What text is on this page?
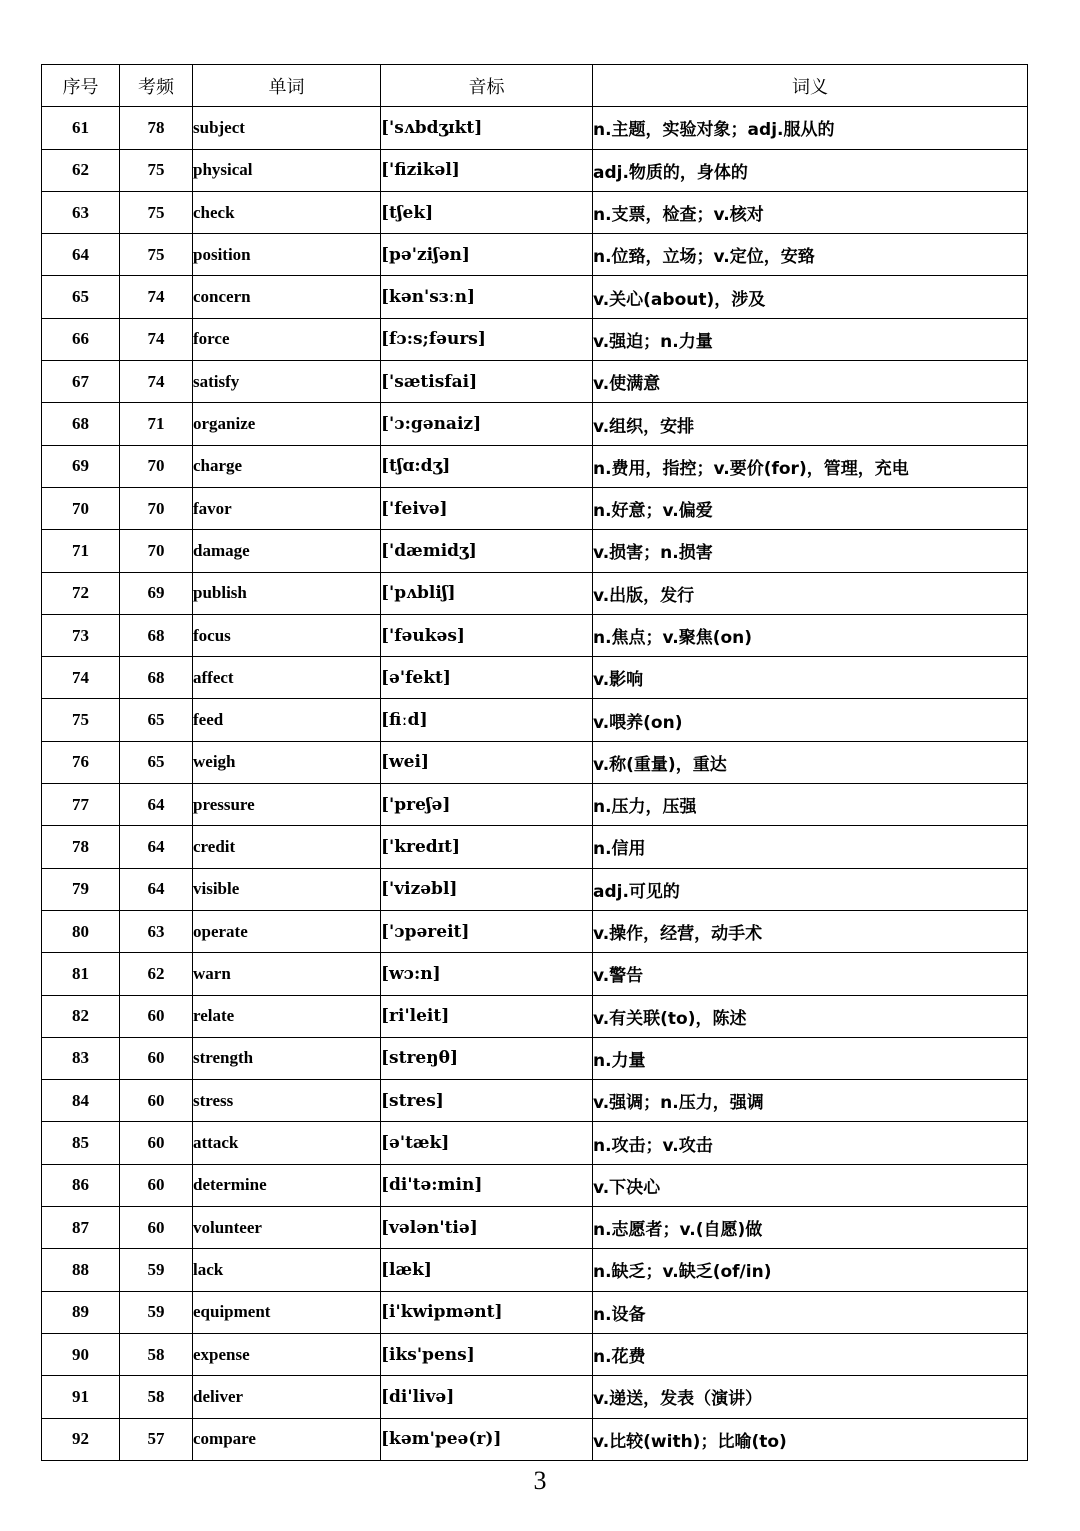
序号	考频	单词	音标	词义
61	78	subject	['sʌbdʒɪkt]	n.主题，实验对象；adj.服从的
62	75	physical	['fizikəl]	adj.物质的，身体的
63	75	check	[tʃek]	n.支票，检查；v.核对
64	75	position	[pə'ziʃən]	n.位臵，立场；v.定位，安臵
65	74	concern	[kən'sɜːn]	v.关心(about)，涉及
66	74	force	[fɔ:s;fəurs]	v.强迫；n.力量
67	74	satisfy	['sætisfai]	v.使满意
68	71	organize	['ɔ:gənaiz]	v.组织，安排
69	70	charge	[tʃɑ:dʒ]	n.费用，指控；v.要价(for)，管理，充电
70	70	favor	['feivə]	n.好意；v.偏爱
71	70	damage	['dæmidʒ]	v.损害；n.损害
72	69	publish	['pʌbliʃ]	v.出版，发行
73	68	focus	['fəukəs]	n.焦点；v.聚焦(on)
74	68	affect	[ə'fekt]	v.影响
75	65	feed	[fiːd]	v.喂养(on)
76	65	weigh	[wei]	v.称(重量)，重达
77	64	pressure	['preʃə]	n.压力，压强
78	64	credit	['kredɪt]	n.信用
79	64	visible	['vizəbl]	adj.可见的
80	63	operate	['ɔpəreit]	v.操作，经营，动手术
81	62	warn	[wɔ:n]	v.警告
82	60	relate	[ri'leit]	v.有关联(to)，陈述
83	60	strength	[streŋθ]	n.力量
84	60	stress	[stres]	v.强调；n.压力，强调
85	60	attack	[ə'tæk]	n.攻击；v.攻击
86	60	determine	[di'tə:min]	v.下决心
87	60	volunteer	[vələn'tiə]	n.志愿者；v.(自愿)做
88	59	lack	[læk]	n.缺乏；v.缺乏(of/in)
89	59	equipment	[i'kwipmənt]	n.设备
90	58	expense	[iks'pens]	n.花费
91	58	deliver	[di'livə]	v.递送，发表（演讲）
92	57	compare	[kəm'peə(r)]	v.比较(with)；比喻(to)
3
